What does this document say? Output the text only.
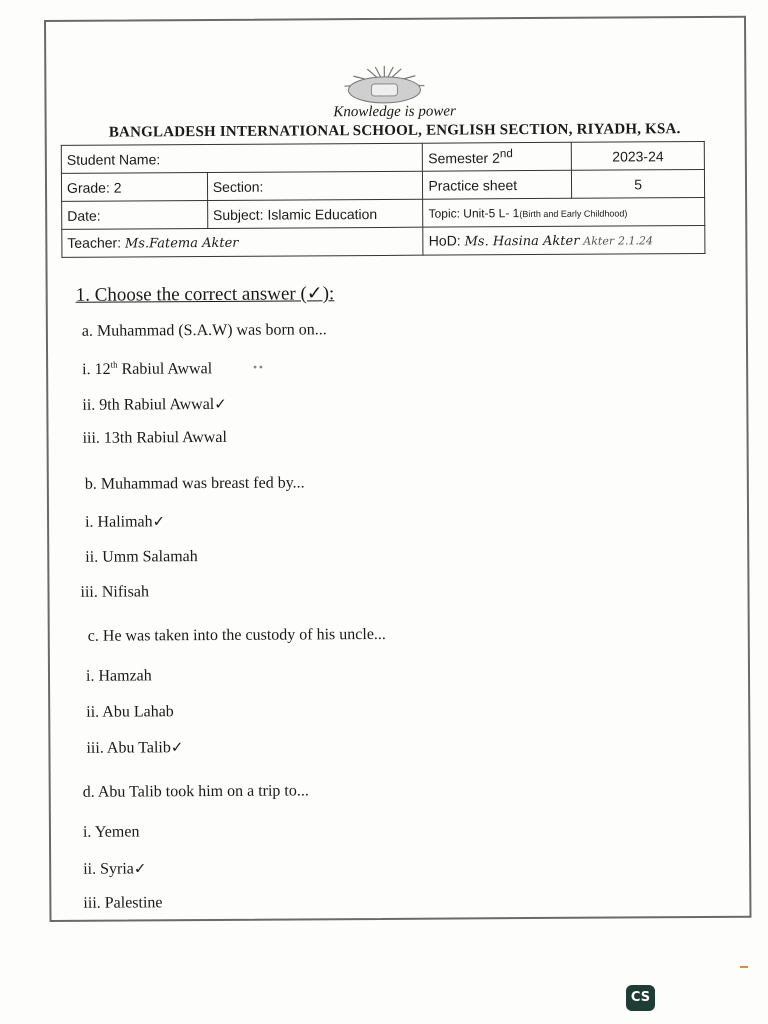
Knowledge is power
BANGLADESH INTERNATIONAL SCHOOL, ENGLISH SECTION, RIYADH, KSA.
Student Name:		Semester 2nd	2023-24
Grade: 2	Section:	Practice sheet	5
Date:	Subject: Islamic Education	Topic: Unit-5 L- 1(Birth and Early Childhood)	
Teacher: Ms.Fatema Akter		HoD: Ms. Hasina Akter Akter 2.1.24	
1. Choose the correct answer (✓):
a. Muhammad (S.A.W) was born on...
i. 12th Rabiul Awwal	••
ii. 9th Rabiul Awwal✓
iii. 13th Rabiul Awwal
b. Muhammad was breast fed by...
i. Halimah✓
ii. Umm Salamah
iii. Nifisah
c. He was taken into the custody of his uncle...
i. Hamzah
ii. Abu Lahab
iii. Abu Talib✓
d. Abu Talib took him on a trip to...
i. Yemen
ii. Syria✓
iii. Palestine
CS
